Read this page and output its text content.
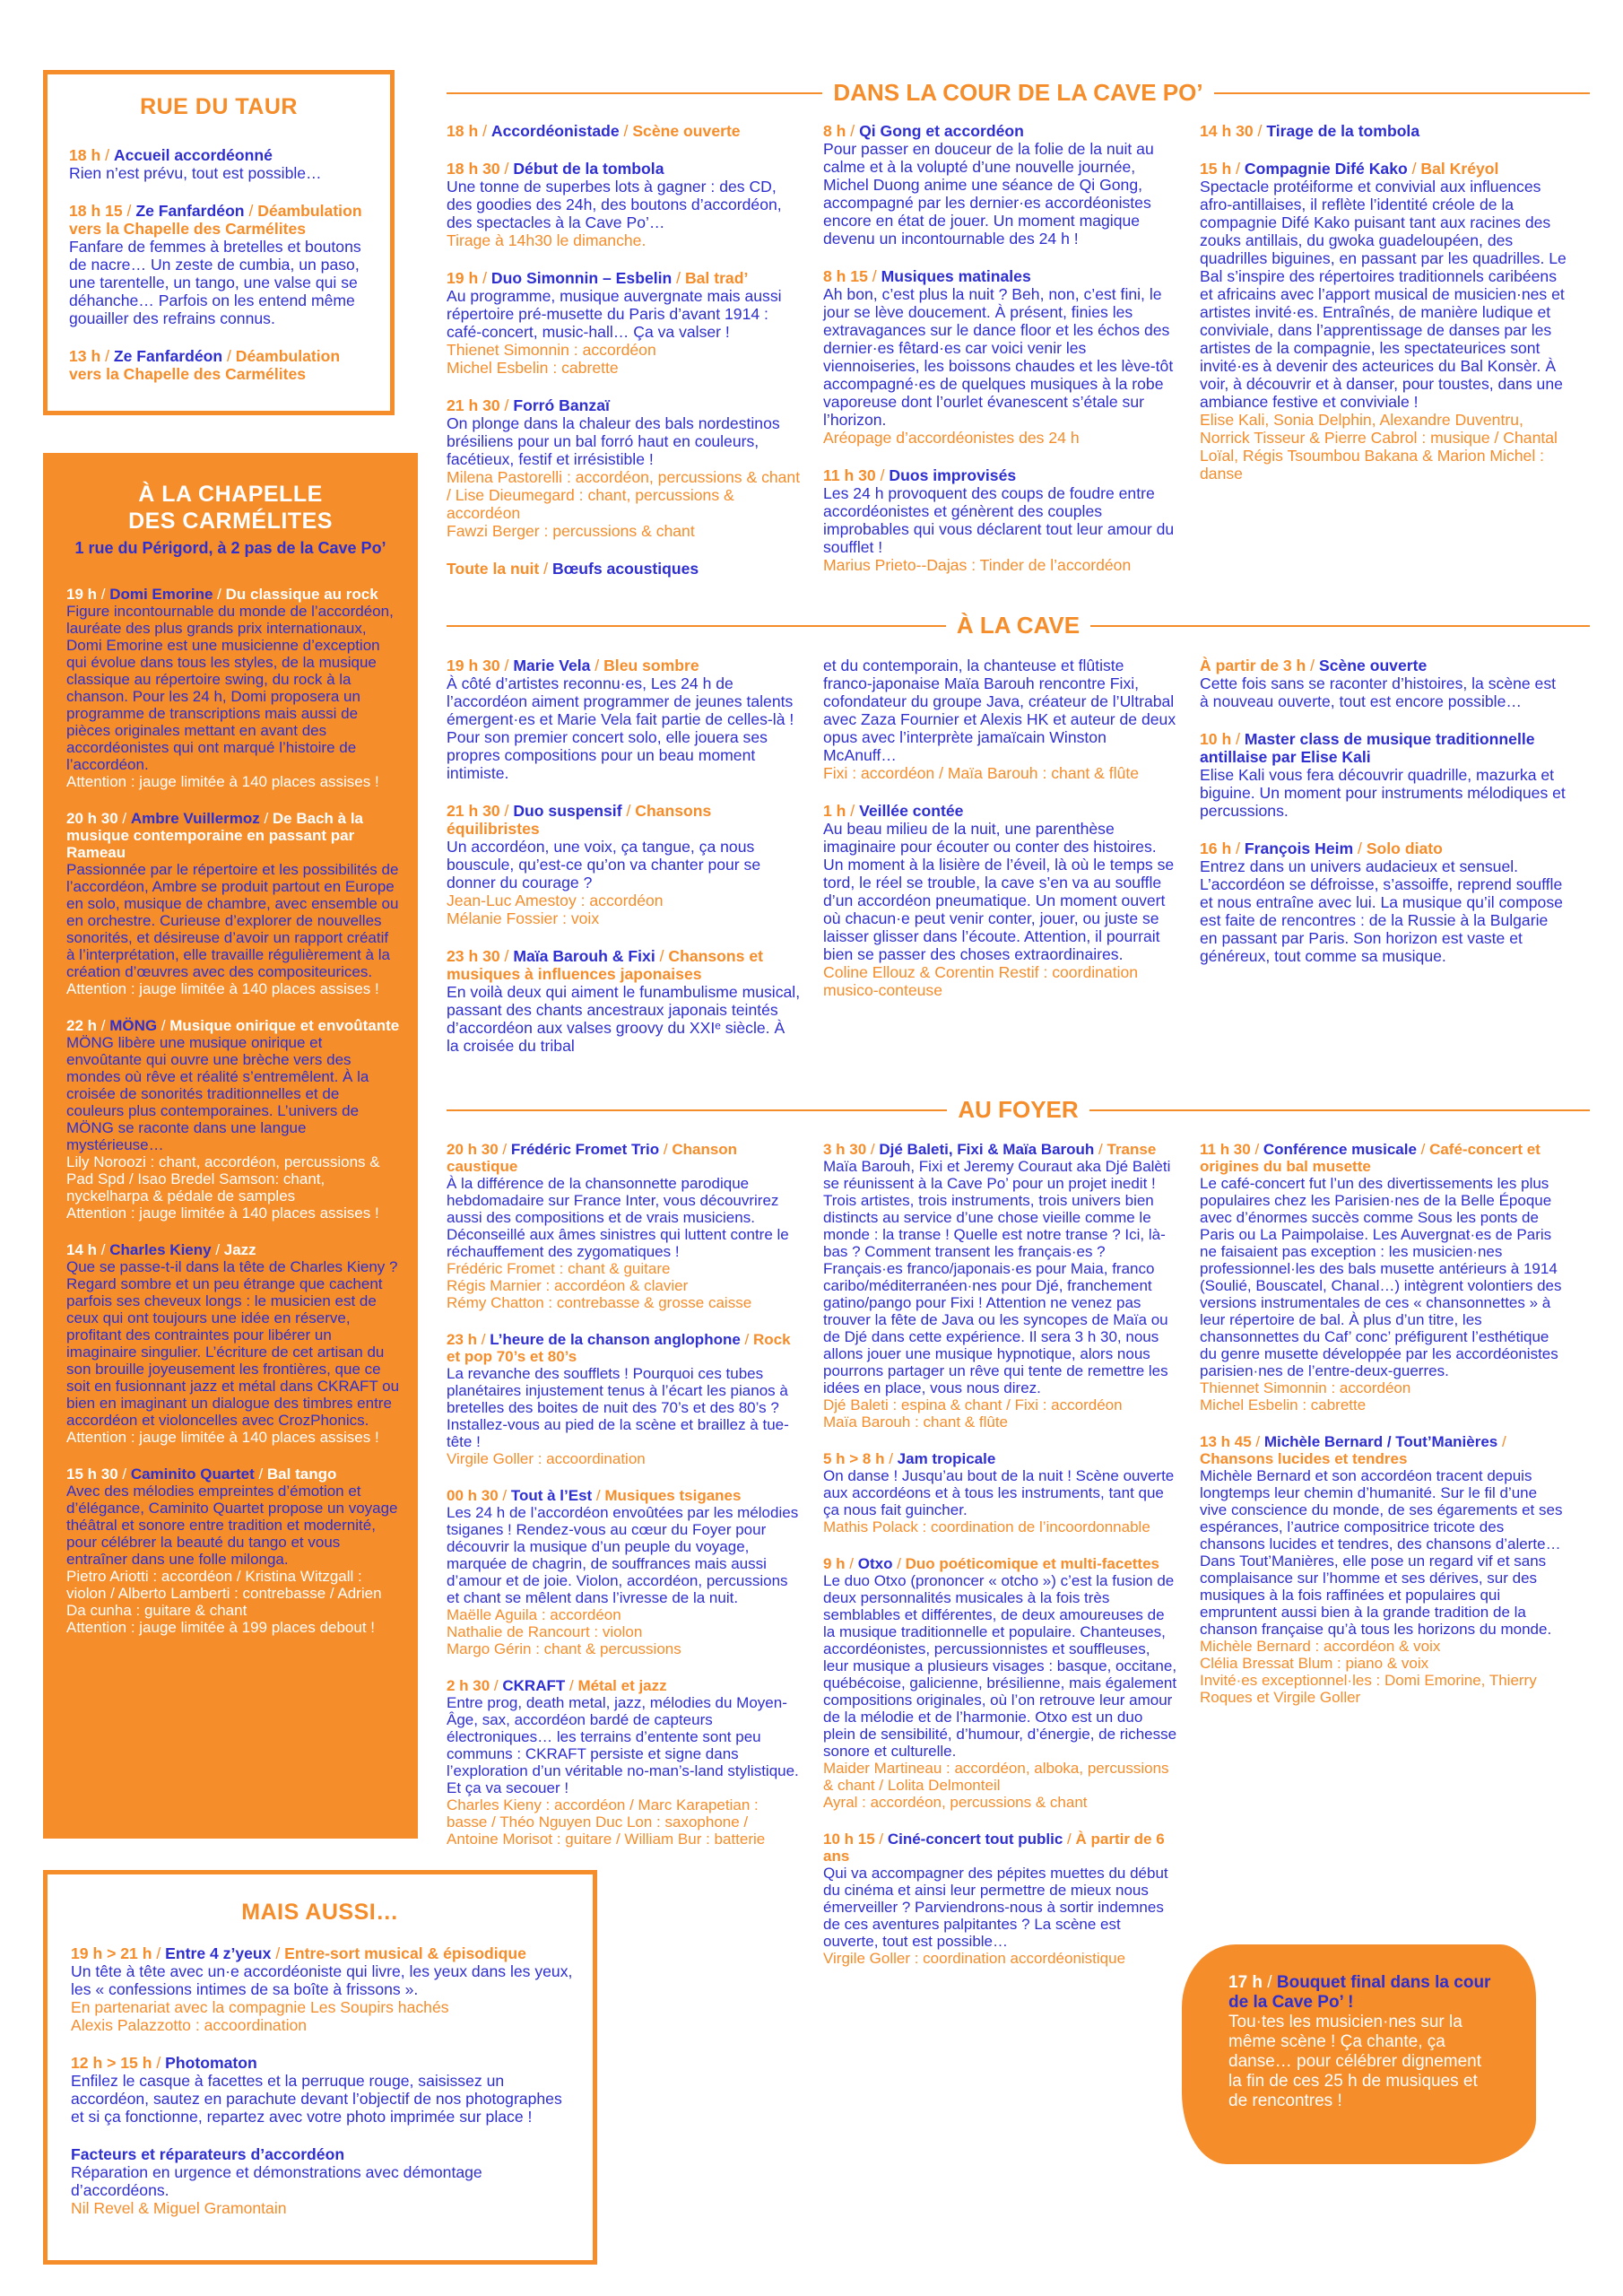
RUE DU TAUR
18 h / Accueil accordéonné
Rien n’est prévu, tout est possible…
18 h 15 / Ze Fanfardéon / Déambulation vers la Chapelle des Carmélites
Fanfare de femmes à bretelles et boutons de nacre… Un zeste de cumbia, un paso, une tarentelle, un tango, une valse qui se déhanche… Parfois on les entend même gouailler des refrains connus.
13 h / Ze Fanfardéon / Déambulation vers la Chapelle des Carmélites
À LA CHAPELLE
DES CARMÉLITES
1 rue du Périgord, à 2 pas de la Cave Po’
19 h / Domi Emorine / Du classique au rock
Figure incontournable du monde de l’accordéon, lauréate des plus grands prix internationaux, Domi Emorine est une musicienne d’exception qui évolue dans tous les styles, de la musique classique au répertoire swing, du rock à la chanson. Pour les 24 h, Domi proposera un programme de transcriptions mais aussi de pièces originales mettant en avant des accordéonistes qui ont marqué l’histoire de l’accordéon.
Attention : jauge limitée à 140 places assises !
20 h 30 / Ambre Vuillermoz / De Bach à la musique contemporaine en passant par Rameau
Passionnée par le répertoire et les possibilités de l’accordéon, Ambre se produit partout en Europe en solo, musique de chambre, avec ensemble ou en orchestre. Curieuse d’explorer de nouvelles sonorités, et désireuse d’avoir un rapport créatif à l’interprétation, elle travaille régulièrement à la création d’œuvres avec des compositeurices.
Attention : jauge limitée à 140 places assises !
22 h / MÖNG / Musique onirique et envoûtante
MÖNG libère une musique onirique et envoûtante qui ouvre une brèche vers des mondes où rêve et réalité s’entremêlent. À la croisée de sonorités traditionnelles et de couleurs plus contemporaines. L’univers de MÖNG se raconte dans une langue mystérieuse…
Lily Noroozi : chant, accordéon, percussions & Pad Spd / Isao Bredel Samson: chant, nyckelharpa & pédale de samples
Attention : jauge limitée à 140 places assises !
14 h / Charles Kieny / Jazz
Que se passe-t-il dans la tête de Charles Kieny ? Regard sombre et un peu étrange que cachent parfois ses cheveux longs : le musicien est de ceux qui ont toujours une idée en réserve, profitant des contraintes pour libérer un imaginaire singulier. L’écriture de cet artisan du son brouille joyeusement les frontières, que ce soit en fusionnant jazz et métal dans CKRAFT ou bien en imaginant un dialogue des timbres entre accordéon et violoncelles avec CrozPhonics.
Attention : jauge limitée à 140 places assises !
15 h 30 / Caminito Quartet / Bal tango
Avec des mélodies empreintes d’émotion et d’élégance, Caminito Quartet propose un voyage théâtral et sonore entre tradition et modernité, pour célébrer la beauté du tango et vous entraîner dans une folle milonga.
Pietro Ariotti : accordéon / Kristina Witzgall : violon / Alberto Lamberti : contrebasse / Adrien Da cunha : guitare & chant
Attention : jauge limitée à 199 places debout !
MAIS AUSSI…
19 h > 21 h / Entre 4 z’yeux / Entre-sort musical & épisodique
Un tête à tête avec un·e accordéoniste qui livre, les yeux dans les yeux, les « confessions intimes de sa boîte à frissons ».
En partenariat avec la compagnie Les Soupirs hachés
Alexis Palazzotto : accoordination
12 h > 15 h / Photomaton
Enfilez le casque à facettes et la perruque rouge, saisissez un accordéon, sautez en parachute devant l’objectif de nos photographes et si ça fonctionne, repartez avec votre photo imprimée sur place !
Facteurs et réparateurs d’accordéon
Réparation en urgence et démonstrations avec démontage d’accordéons.
Nil Revel & Miguel Gramontain
DANS LA COUR DE LA CAVE PO’
18 h / Accordéonistade / Scène ouverte
18 h 30 / Début de la tombola
Une tonne de superbes lots à gagner : des CD, des goodies des 24h, des boutons d’accordéon, des spectacles à la Cave Po’…
Tirage à 14h30 le dimanche.
19 h / Duo Simonnin – Esbelin / Bal trad’
Au programme, musique auvergnate mais aussi répertoire pré-musette du Paris d’avant 1914 : café-concert, music-hall… Ça va valser !
Thienet Simonnin : accordéon
Michel Esbelin : cabrette
21 h 30 / Forró Banzaï
On plonge dans la chaleur des bals nordestinos brésiliens pour un bal forró haut en couleurs, facétieux, festif et irrésistible !
Milena Pastorelli : accordéon, percussions & chant / Lise Dieumegard : chant, percussions & accordéon
Fawzi Berger : percussions & chant
Toute la nuit / Bœufs acoustiques
8 h / Qi Gong et accordéon
Pour passer en douceur de la folie de la nuit au calme et à la volupté d’une nouvelle journée, Michel Duong anime une séance de Qi Gong, accompagné par les dernier·es accordéonistes encore en état de jouer. Un moment magique devenu un incontournable des 24 h !
8 h 15 / Musiques matinales
Ah bon, c’est plus la nuit ? Beh, non, c’est fini, le jour se lève doucement. À présent, finies les extravagances sur le dance floor et les échos des dernier·es fêtard·es car voici venir les viennoiseries, les boissons chaudes et les lève-tôt accompagné·es de quelques musiques à la robe vaporeuse dont l’ourlet évanescent s’étale sur l’horizon.
Aréopage d’accordéonistes des 24 h
11 h 30 / Duos improvisés
Les 24 h provoquent des coups de foudre entre accordéonistes et génèrent des couples improbables qui vous déclarent tout leur amour du soufflet !
Marius Prieto--Dajas : Tinder de l’accordéon
14 h 30 / Tirage de la tombola
15 h / Compagnie Difé Kako / Bal Kréyol
Spectacle protéiforme et convivial aux influences afro-antillaises, il reflète l’identité créole de la compagnie Difé Kako puisant tant aux racines des zouks antillais, du gwoka guadeloupéen, des quadrilles biguines, en passant par les quadrilles. Le Bal s’inspire des répertoires traditionnels caribéens et africains avec l’apport musical de musicien·nes et artistes invité·es. Entraînés, de manière ludique et conviviale, dans l’apprentissage de danses par les artistes de la compagnie, les spectateurices sont invité·es à devenir des acteurices du Bal Konsèr. À voir, à découvrir et à danser, pour toustes, dans une ambiance festive et conviviale !
Elise Kali, Sonia Delphin, Alexandre Duventru, Norrick Tisseur & Pierre Cabrol : musique / Chantal Loïal, Régis Tsoumbou Bakana & Marion Michel : danse
À LA CAVE
19 h 30 / Marie Vela / Bleu sombre
À côté d’artistes reconnu·es, Les 24 h de l’accordéon aiment programmer de jeunes talents émergent·es et Marie Vela fait partie de celles-là ! Pour son premier concert solo, elle jouera ses propres compositions pour un beau moment intimiste.
21 h 30 / Duo suspensif / Chansons équilibristes
Un accordéon, une voix, ça tangue, ça nous bouscule, qu’est-ce qu’on va chanter pour se donner du courage ?
Jean-Luc Amestoy : accordéon
Mélanie Fossier : voix
23 h 30 / Maïa Barouh & Fixi / Chansons et musiques à influences japonaises
En voilà deux qui aiment le funambulisme musical, passant des chants ancestraux japonais teintés d’accordéon aux valses groovy du XXIᵉ siècle. À la croisée du tribal
et du contemporain, la chanteuse et flûtiste franco-japonaise Maïa Barouh rencontre Fixi, cofondateur du groupe Java, créateur de l’Ultrabal avec Zaza Fournier et Alexis HK et auteur de deux opus avec l’interprète jamaïcain Winston McAnuff…
Fixi : accordéon / Maïa Barouh : chant & flûte
1 h / Veillée contée
Au beau milieu de la nuit, une parenthèse imaginaire pour écouter ou conter des histoires. Un moment à la lisière de l’éveil, là où le temps se tord, le réel se trouble, la cave s’en va au souffle d’un accordéon pneumatique. Un moment ouvert où chacun·e peut venir conter, jouer, ou juste se laisser glisser dans l’écoute. Attention, il pourrait bien se passer des choses extraordinaires.
Coline Ellouz & Corentin Restif : coordination musico-conteuse
À partir de 3 h / Scène ouverte
Cette fois sans se raconter d’histoires, la scène est à nouveau ouverte, tout est encore possible…
10 h / Master class de musique traditionnelle antillaise par Elise Kali
Elise Kali vous fera découvrir quadrille, mazurka et biguine. Un moment pour instruments mélodiques et percussions.
16 h / François Heim / Solo diato
Entrez dans un univers audacieux et sensuel. L’accordéon se défroisse, s’assoiffe, reprend souffle et nous entraîne avec lui. La musique qu’il compose est faite de rencontres : de la Russie à la Bulgarie en passant par Paris. Son horizon est vaste et généreux, tout comme sa musique.
AU FOYER
20 h 30 / Frédéric Fromet Trio / Chanson caustique
À la différence de la chansonnette parodique hebdomadaire sur France Inter, vous découvrirez aussi des compositions et de vrais musiciens. Déconseillé aux âmes sinistres qui luttent contre le réchauffement des zygomatiques !
Frédéric Fromet : chant & guitare
Régis Marnier : accordéon & clavier
Rémy Chatton : contrebasse & grosse caisse
23 h / L’heure de la chanson anglophone / Rock et pop 70’s et 80’s
La revanche des soufflets ! Pourquoi ces tubes planétaires injustement tenus à l’écart les pianos à bretelles des boites de nuit des 70’s et des 80’s ? Installez-vous au pied de la scène et braillez à tue-tête !
Virgile Goller : accoordination
00 h 30 / Tout à l’Est / Musiques tsiganes
Les 24 h de l’accordéon envoûtées par les mélodies tsiganes ! Rendez-vous au cœur du Foyer pour découvrir la musique d’un peuple du voyage, marquée de chagrin, de souffrances mais aussi d’amour et de joie. Violon, accordéon, percussions et chant se mêlent dans l’ivresse de la nuit.
Maëlle Aguila : accordéon
Nathalie de Rancourt : violon
Margo Gérin : chant & percussions
2 h 30 / CKRAFT / Métal et jazz
Entre prog, death metal, jazz, mélodies du Moyen-Âge, sax, accordéon bardé de capteurs électroniques… les terrains d’entente sont peu communs : CKRAFT persiste et signe dans l’exploration d’un véritable no-man’s-land stylistique. Et ça va secouer !
Charles Kieny : accordéon / Marc Karapetian : basse / Théo Nguyen Duc Lon : saxophone / Antoine Morisot : guitare / William Bur : batterie
3 h 30 / Djé Baleti, Fixi & Maïa Barouh / Transe
Maïa Barouh, Fixi et Jeremy Couraut aka Djé Balèti se réunissent à la Cave Po’ pour un projet inedit ! Trois artistes, trois instruments, trois univers bien distincts au service d’une chose vieille comme le monde : la transe ! Quelle est notre transe ? Ici, là-bas ? Comment transent les français·es ? Français·es franco/japonais·es pour Maia, franco caribo/méditerranéen·nes pour Djé, franchement gatino/pango pour Fixi ! Attention ne venez pas trouver la fête de Java ou les syncopes de Maïa ou de Djé dans cette expérience. Il sera 3 h 30, nous allons jouer une musique hypnotique, alors nous pourrons partager un rêve qui tente de remettre les idées en place, vous nous direz.
Djé Baleti : espina & chant / Fixi : accordéon
Maïa Barouh : chant & flûte
5 h > 8 h / Jam tropicale
On danse ! Jusqu’au bout de la nuit ! Scène ouverte aux accordéons et à tous les instruments, tant que ça nous fait guincher.
Mathis Polack : coordination de l’incoordonnable
9 h / Otxo / Duo poéticomique et multi-facettes
Le duo Otxo (prononcer « otcho ») c’est la fusion de deux personnalités musicales à la fois très semblables et différentes, de deux amoureuses de la musique traditionnelle et populaire. Chanteuses, accordéonistes, percussionnistes et souffleuses, leur musique a plusieurs visages : basque, occitane, québécoise, galicienne, brésilienne, mais également compositions originales, où l’on retrouve leur amour de la mélodie et de l’harmonie. Otxo est un duo plein de sensibilité, d’humour, d’énergie, de richesse sonore et culturelle.
Maider Martineau : accordéon, alboka, percussions & chant / Lolita Delmonteil
Ayral : accordéon, percussions & chant
10 h 15 / Ciné-concert tout public / À partir de 6 ans
Qui va accompagner des pépites muettes du début du cinéma et ainsi leur permettre de mieux nous émerveiller ? Parviendrons-nous à sortir indemnes de ces aventures palpitantes ? La scène est ouverte, tout est possible…
Virgile Goller : coordination accordéonistique
11 h 30 / Conférence musicale / Café-concert et origines du bal musette
Le café-concert fut l’un des divertissements les plus populaires chez les Parisien·nes de la Belle Époque avec d’énormes succès comme Sous les ponts de Paris ou La Paimpolaise. Les Auvergnat·es de Paris ne faisaient pas exception : les musicien·nes professionnel·les des bals musette antérieurs à 1914 (Soulié, Bouscatel, Chanal…) intègrent volontiers des versions instrumentales de ces « chansonnettes » à leur répertoire de bal. À plus d’un titre, les chansonnettes du Caf’ conc’ préfigurent l’esthétique du genre musette développée par les accordéonistes parisien·nes de l’entre-deux-guerres.
Thiennet Simonnin : accordéon
Michel Esbelin : cabrette
13 h 45 / Michèle Bernard / Tout’Manières / Chansons lucides et tendres
Michèle Bernard et son accordéon tracent depuis longtemps leur chemin d’humanité. Sur le fil d’une vive conscience du monde, de ses égarements et ses espérances, l’autrice compositrice tricote des chansons lucides et tendres, des chansons d’alerte… Dans Tout’Manières, elle pose un regard vif et sans complaisance sur l’homme et ses dérives, sur des musiques à la fois raffinées et populaires qui empruntent aussi bien à la grande tradition de la chanson française qu’à tous les horizons du monde.
Michèle Bernard : accordéon & voix
Clélia Bressat Blum : piano & voix
Invité·es exceptionnel·les : Domi Emorine, Thierry Roques et Virgile Goller
17 h / Bouquet final dans la cour de la Cave Po’ !
Tou·tes les musicien·nes sur la même scène ! Ça chante, ça danse… pour célébrer dignement la fin de ces 25 h de musiques et de rencontres !
